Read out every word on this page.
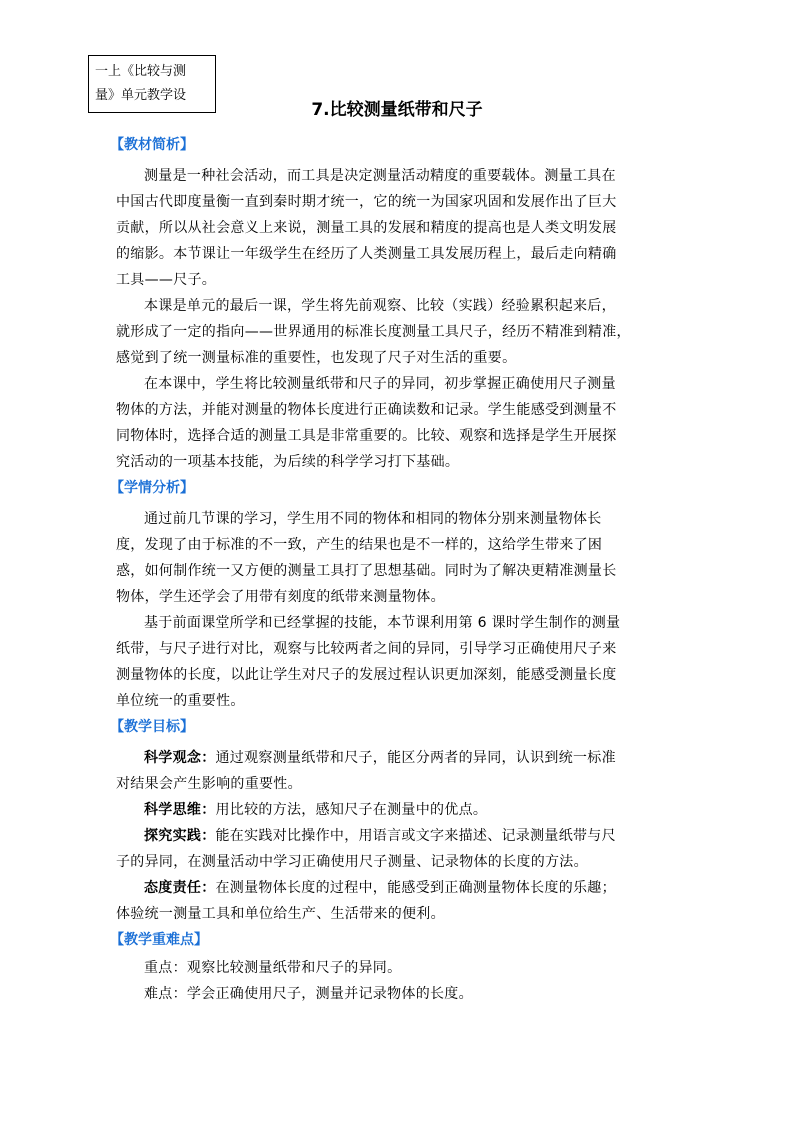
一上《比较与测
量》单元教学设
7.比较测量纸带和尺子
【教材简析】
测量是一种社会活动，而工具是决定测量活动精度的重要载体。测量工具在
中国古代即度量衡一直到秦时期才统一，它的统一为国家巩固和发展作出了巨大
贡献，所以从社会意义上来说，测量工具的发展和精度的提高也是人类文明发展
的缩影。本节课让一年级学生在经历了人类测量工具发展历程上，最后走向精确
工具——尺子。
本课是单元的最后一课，学生将先前观察、比较（实践）经验累积起来后，
就形成了一定的指向——世界通用的标准长度测量工具尺子，经历不精准到精准，
感觉到了统一测量标准的重要性，也发现了尺子对生活的重要。
在本课中，学生将比较测量纸带和尺子的异同，初步掌握正确使用尺子测量
物体的方法，并能对测量的物体长度进行正确读数和记录。学生能感受到测量不
同物体时，选择合适的测量工具是非常重要的。比较、观察和选择是学生开展探
究活动的一项基本技能，为后续的科学学习打下基础。
【学情分析】
通过前几节课的学习，学生用不同的物体和相同的物体分别来测量物体长
度，发现了由于标准的不一致，产生的结果也是不一样的，这给学生带来了困
惑，如何制作统一又方便的测量工具打了思想基础。同时为了解决更精准测量长
物体，学生还学会了用带有刻度的纸带来测量物体。
基于前面课堂所学和已经掌握的技能，本节课利用第 6 课时学生制作的测量
纸带，与尺子进行对比，观察与比较两者之间的异同，引导学习正确使用尺子来
测量物体的长度，以此让学生对尺子的发展过程认识更加深刻，能感受测量长度
单位统一的重要性。
【教学目标】
科学观念：通过观察测量纸带和尺子，能区分两者的异同，认识到统一标准
对结果会产生影响的重要性。
科学思维：用比较的方法，感知尺子在测量中的优点。
探究实践：能在实践对比操作中，用语言或文字来描述、记录测量纸带与尺
子的异同，在测量活动中学习正确使用尺子测量、记录物体的长度的方法。
态度责任：在测量物体长度的过程中，能感受到正确测量物体长度的乐趣；
体验统一测量工具和单位给生产、生活带来的便利。
【教学重难点】
重点：观察比较测量纸带和尺子的异同。
难点：学会正确使用尺子，测量并记录物体的长度。
